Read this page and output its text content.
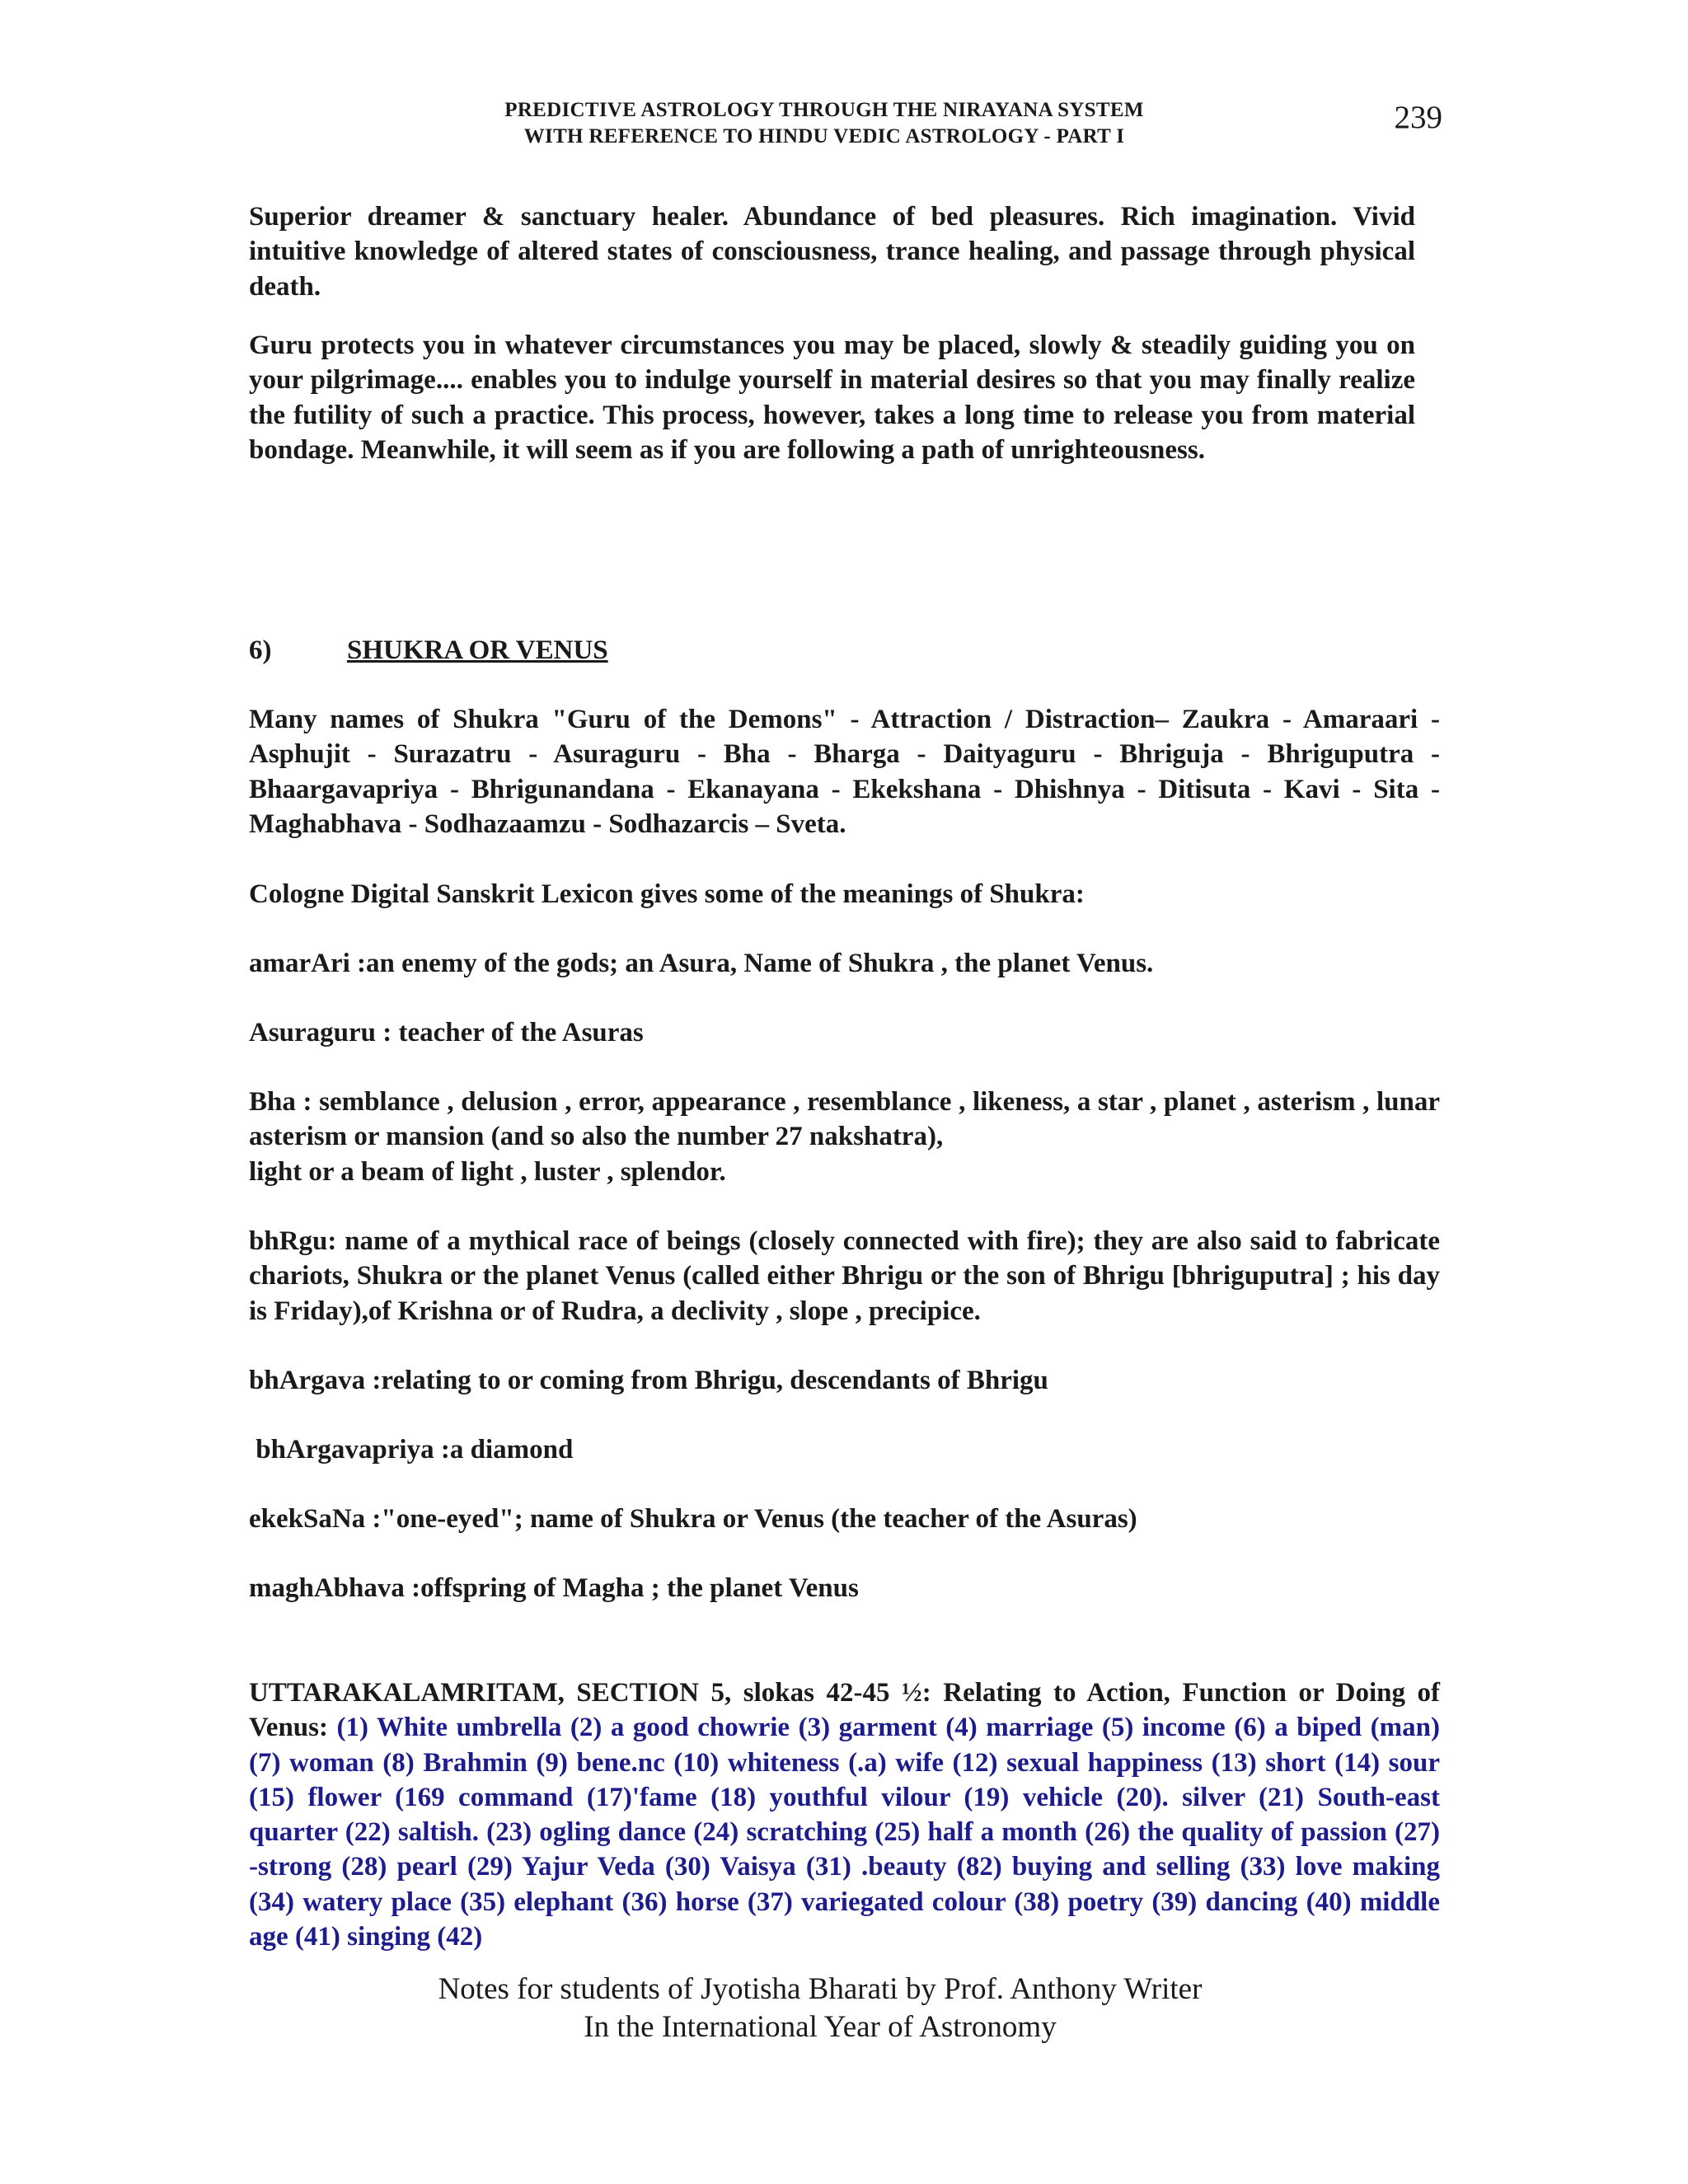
PREDICTIVE ASTROLOGY THROUGH THE NIRAYANA SYSTEM
WITH REFERENCE TO HINDU VEDIC ASTROLOGY - PART I
239

Superior dreamer & sanctuary healer. Abundance of bed pleasures. Rich imagination. Vivid intuitive knowledge of altered states of consciousness, trance healing, and passage through physical death.

Guru protects you in whatever circumstances you may be placed, slowly & steadily guiding you on your pilgrimage.... enables you to indulge yourself in material desires so that you may finally realize the futility of such a practice. This process, however, takes a long time to release you from material bondage. Meanwhile, it will seem as if you are following a path of unrighteousness.

6)	SHUKRA OR VENUS

Many names of Shukra "Guru of the Demons" - Attraction / Distraction– Zaukra - Amaraari - Asphujit - Surazatru - Asuraguru - Bha - Bharga - Daityaguru - Bhriguja - Bhriguputra - Bhaargavapriya - Bhrigunandana - Ekanayana - Ekekshana - Dhishnya - Ditisuta - Kavi - Sita - Maghabhava - Sodhazaamzu - Sodhazarcis – Sveta.

Cologne Digital Sanskrit Lexicon gives some of the meanings of Shukra:

amarAri :an enemy of the gods; an Asura, Name of Shukra , the planet Venus.

Asuraguru : teacher of the Asuras

Bha : semblance , delusion , error, appearance , resemblance , likeness, a star , planet , asterism , lunar asterism or mansion (and so also the number 27 nakshatra),
light or a beam of light , luster , splendor.

bhRgu: name of a mythical race of beings (closely connected with fire); they are also said to fabricate chariots, Shukra or the planet Venus (called either Bhrigu or the son of Bhrigu [bhriguputra] ; his day is Friday),of Krishna or of Rudra, a declivity , slope , precipice.

bhArgava :relating to or coming from Bhrigu, descendants of Bhrigu

bhArgavapriya :a diamond

ekekSaNa :"one-eyed"; name of Shukra or Venus (the teacher of the Asuras)

maghAbhava :offspring of Magha ; the planet Venus

UTTARAKALAMRITAM, SECTION 5, slokas 42-45 ½: Relating to Action, Function or Doing of Venus: (1) White umbrella (2) a good chowrie (3) garment (4) marriage (5) income (6) a biped (man) (7) woman (8) Brahmin (9) bene.nc (10) whiteness (.a) wife (12) sexual happiness (13) short (14) sour (15) flower (169 command (17)'fame (18) youthful vilour (19) vehicle (20). silver (21) South-east quarter (22) saltish. (23) ogling dance (24) scratching (25) half a month (26) the quality of passion (27) -strong (28) pearl (29) Yajur Veda (30) Vaisya (31) .beauty (82) buying and selling (33) love making (34) watery place (35) elephant (36) horse (37) variegated colour (38) poetry (39) dancing (40) middle age (41) singing (42)

Notes for students of Jyotisha Bharati by Prof. Anthony Writer
In the International Year of Astronomy
